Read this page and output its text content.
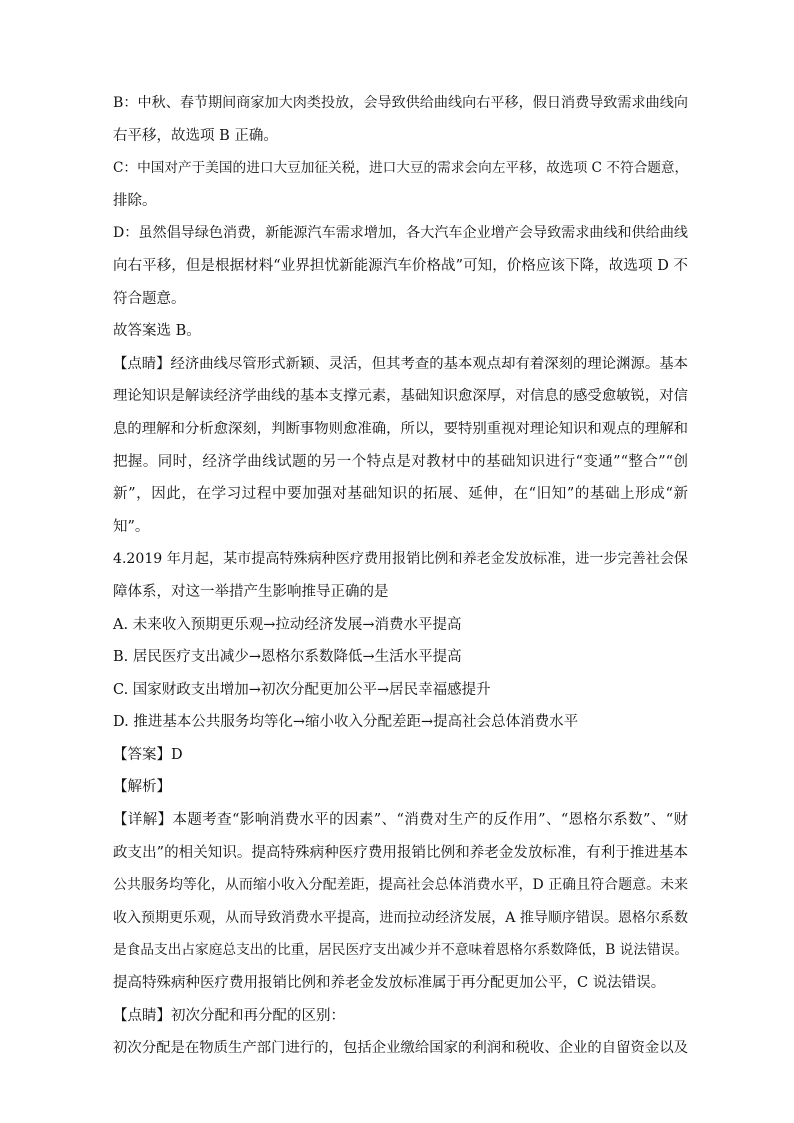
B：中秋、春节期间商家加大肉类投放，会导致供给曲线向右平移，假日消费导致需求曲线向
右平移，故选项 B 正确。
C：中国对产于美国的进口大豆加征关税，进口大豆的需求会向左平移，故选项 C 不符合题意，
排除。
D：虽然倡导绿色消费，新能源汽车需求增加，各大汽车企业增产会导致需求曲线和供给曲线
向右平移，但是根据材料“业界担忧新能源汽车价格战”可知，价格应该下降，故选项 D 不
符合题意。
故答案选 B。
【点睛】经济曲线尽管形式新颖、灵活，但其考查的基本观点却有着深刻的理论渊源。基本
理论知识是解读经济学曲线的基本支撑元素，基础知识愈深厚，对信息的感受愈敏锐，对信
息的理解和分析愈深刻，判断事物则愈准确，所以，要特别重视对理论知识和观点的理解和
把握。同时，经济学曲线试题的另一个特点是对教材中的基础知识进行“变通”“整合”“创
新”，因此，在学习过程中要加强对基础知识的拓展、延伸，在“旧知”的基础上形成“新
知”。
4.2019 年月起，某市提高特殊病种医疗费用报销比例和养老金发放标准，进一步完善社会保
障体系，对这一举措产生影响推导正确的是
A. 未来收入预期更乐观→拉动经济发展→消费水平提高
B. 居民医疗支出减少→恩格尔系数降低→生活水平提高
C. 国家财政支出增加→初次分配更加公平→居民幸福感提升
D. 推进基本公共服务均等化→缩小收入分配差距→提高社会总体消费水平
【答案】D
【解析】
【详解】本题考查“影响消费水平的因素”、“消费对生产的反作用”、“恩格尔系数”、“财
政支出”的相关知识。提高特殊病种医疗费用报销比例和养老金发放标准，有利于推进基本
公共服务均等化，从而缩小收入分配差距，提高社会总体消费水平，D 正确且符合题意。未来
收入预期更乐观，从而导致消费水平提高，进而拉动经济发展，A 推导顺序错误。恩格尔系数
是食品支出占家庭总支出的比重，居民医疗支出减少并不意味着恩格尔系数降低，B 说法错误。
提高特殊病种医疗费用报销比例和养老金发放标准属于再分配更加公平，C 说法错误。
【点睛】初次分配和再分配的区别：
初次分配是在物质生产部门进行的，包括企业缴给国家的利润和税收、企业的自留资金以及
